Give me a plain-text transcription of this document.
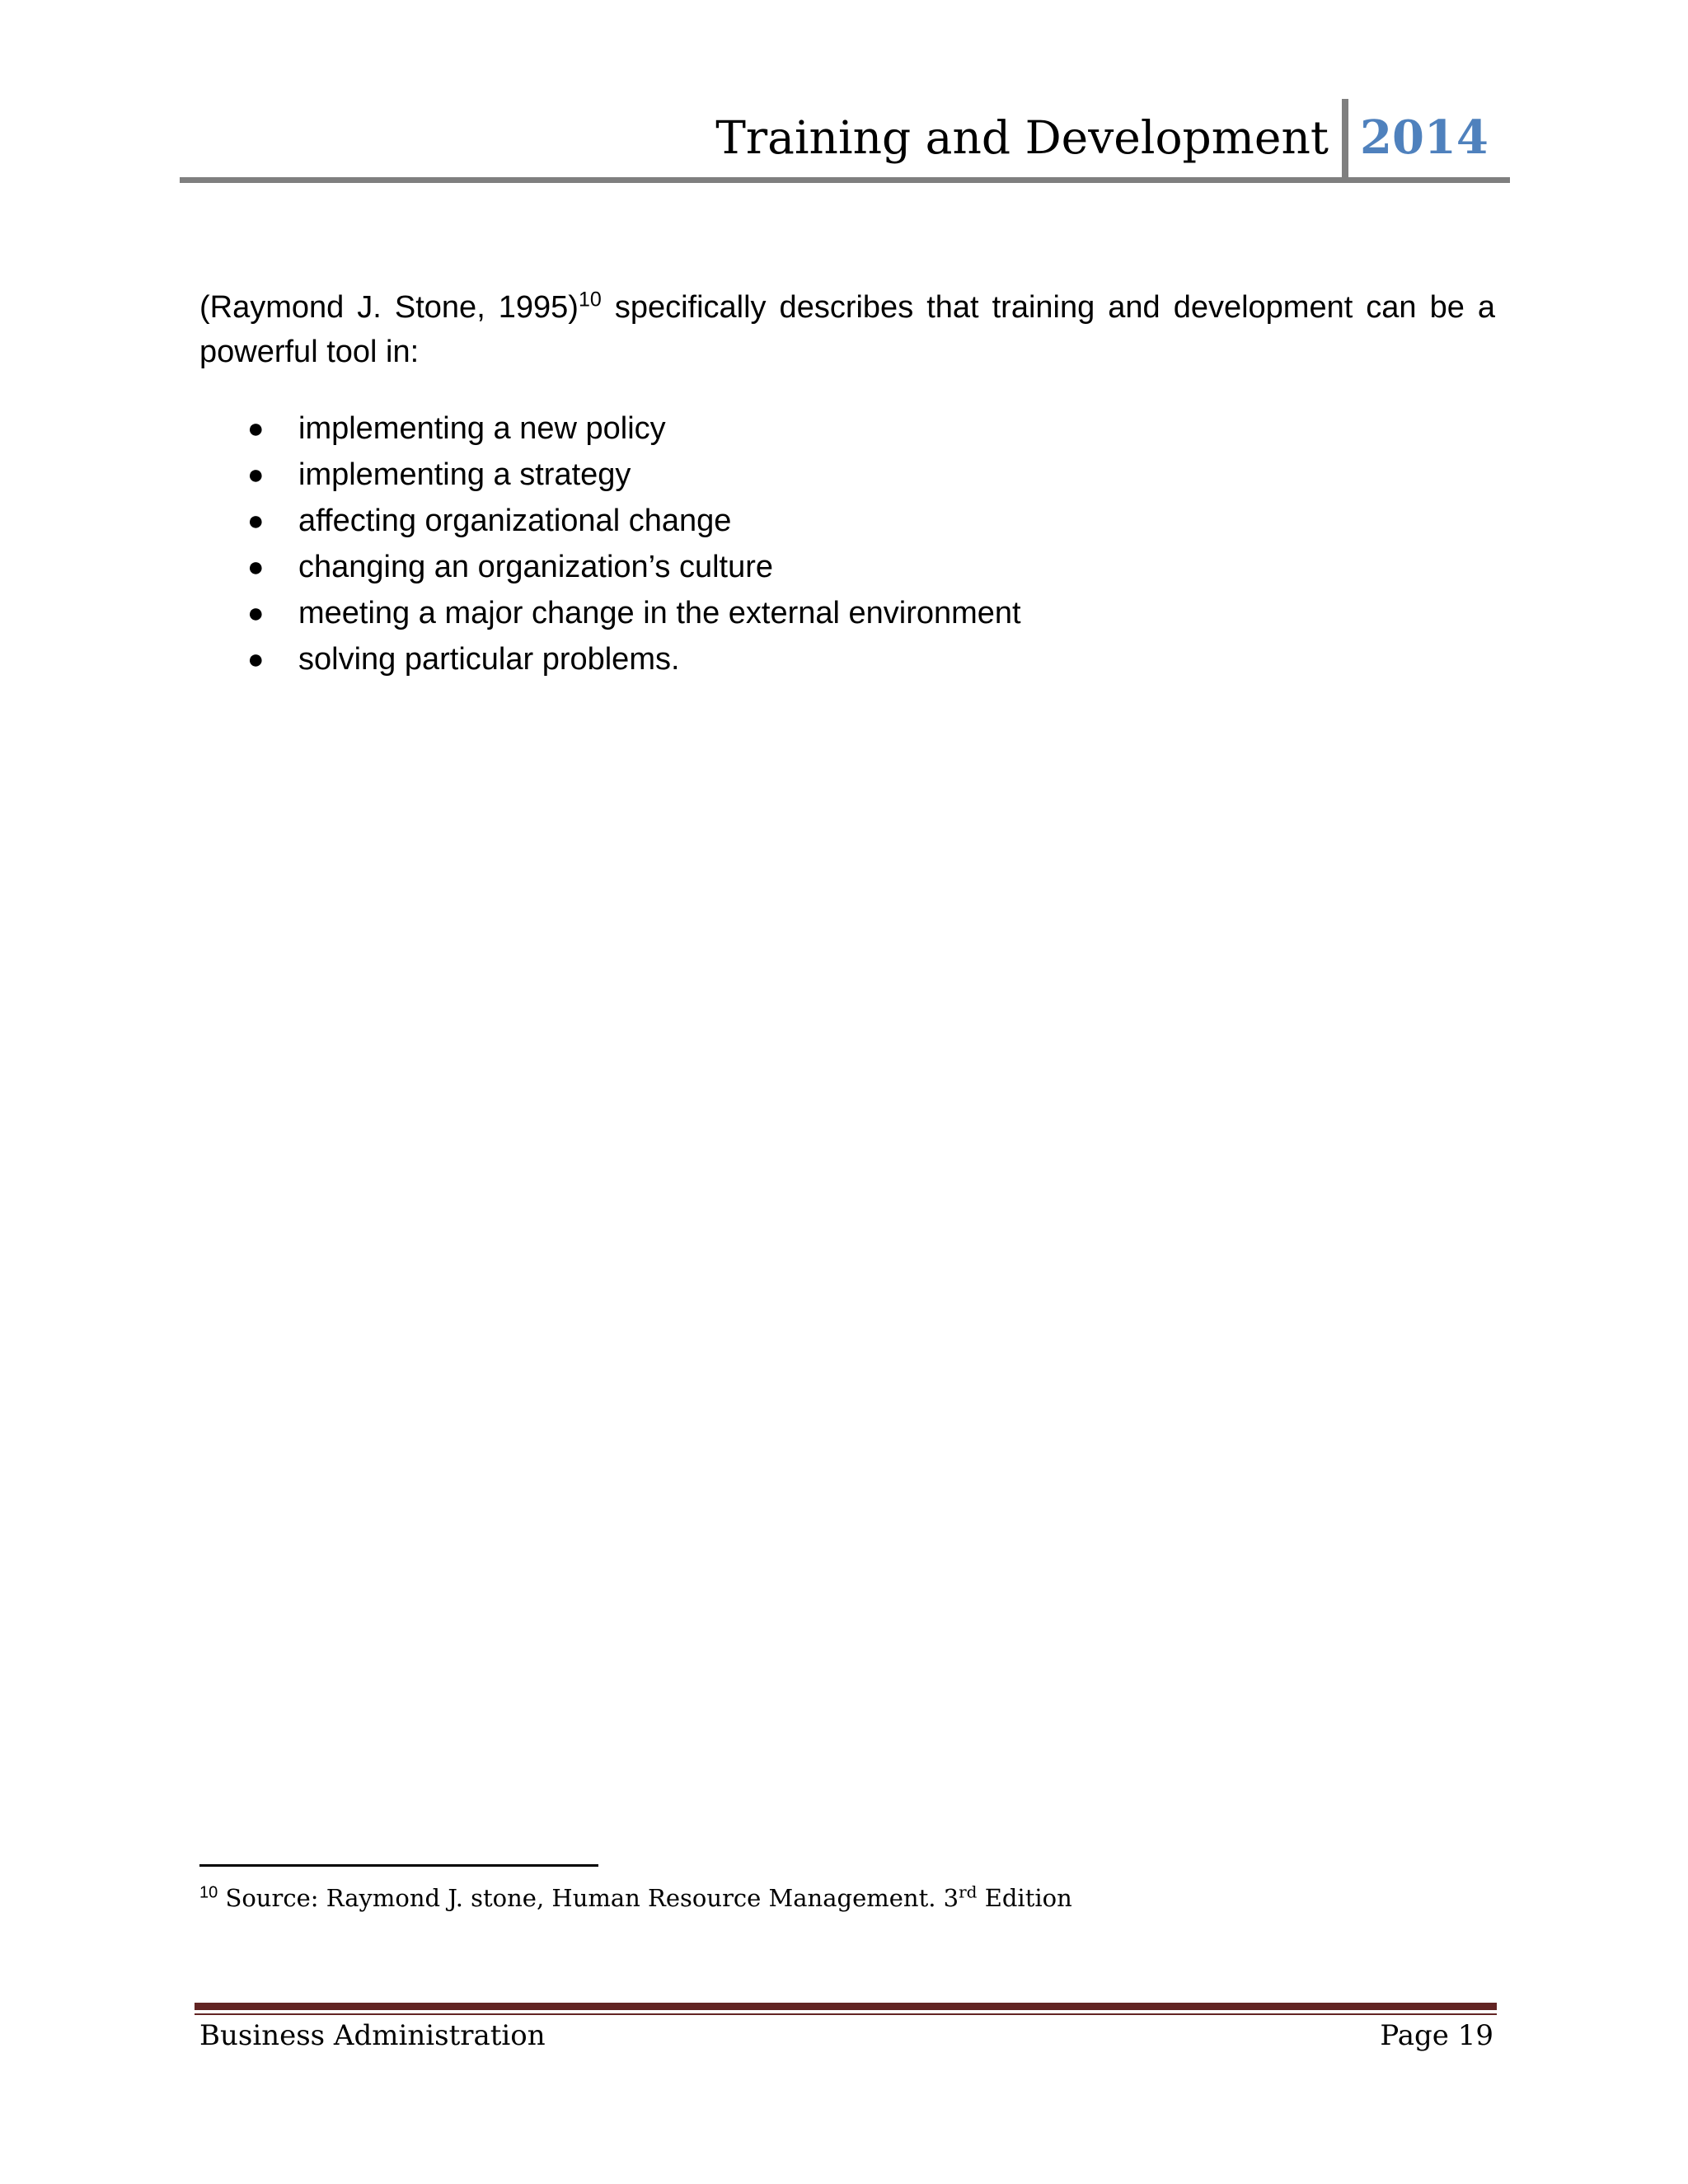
Training and Development 2014

(Raymond J. Stone, 1995)$^{10}$ specifically describes that training and development can be a powerful tool in:

● implementing a new policy
● implementing a strategy
● affecting organizational change
● changing an organization’s culture
● meeting a major change in the external environment
● solving particular problems.
$^{10}$ Source: Raymond J. stone, Human Resource Management. 3rd Edition
Business Administration	Page 19
